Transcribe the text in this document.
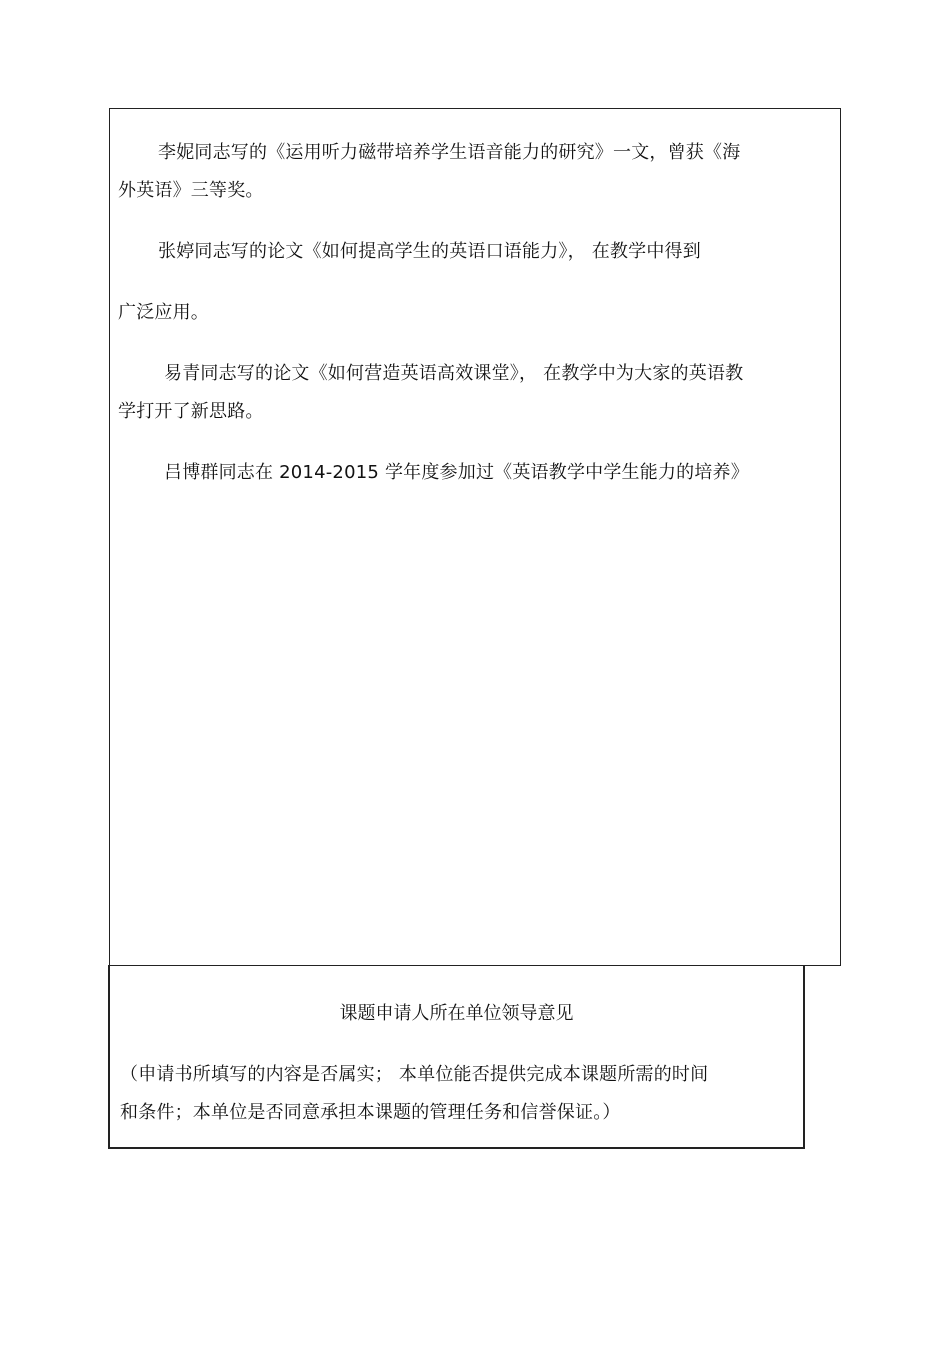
李妮同志写的《运用听力磁带培养学生语音能力的研究》一文，曾获《海
外英语》三等奖。
张婷同志写的论文《如何提高学生的英语口语能力》， 在教学中得到
广泛应用。
易青同志写的论文《如何营造英语高效课堂》， 在教学中为大家的英语教
学打开了新思路。
吕博群同志在 2014-2015 学年度参加过《英语教学中学生能力的培养》
课题申请人所在单位领导意见
（申请书所填写的内容是否属实； 本单位能否提供完成本课题所需的时间
和条件；本单位是否同意承担本课题的管理任务和信誉保证。）
